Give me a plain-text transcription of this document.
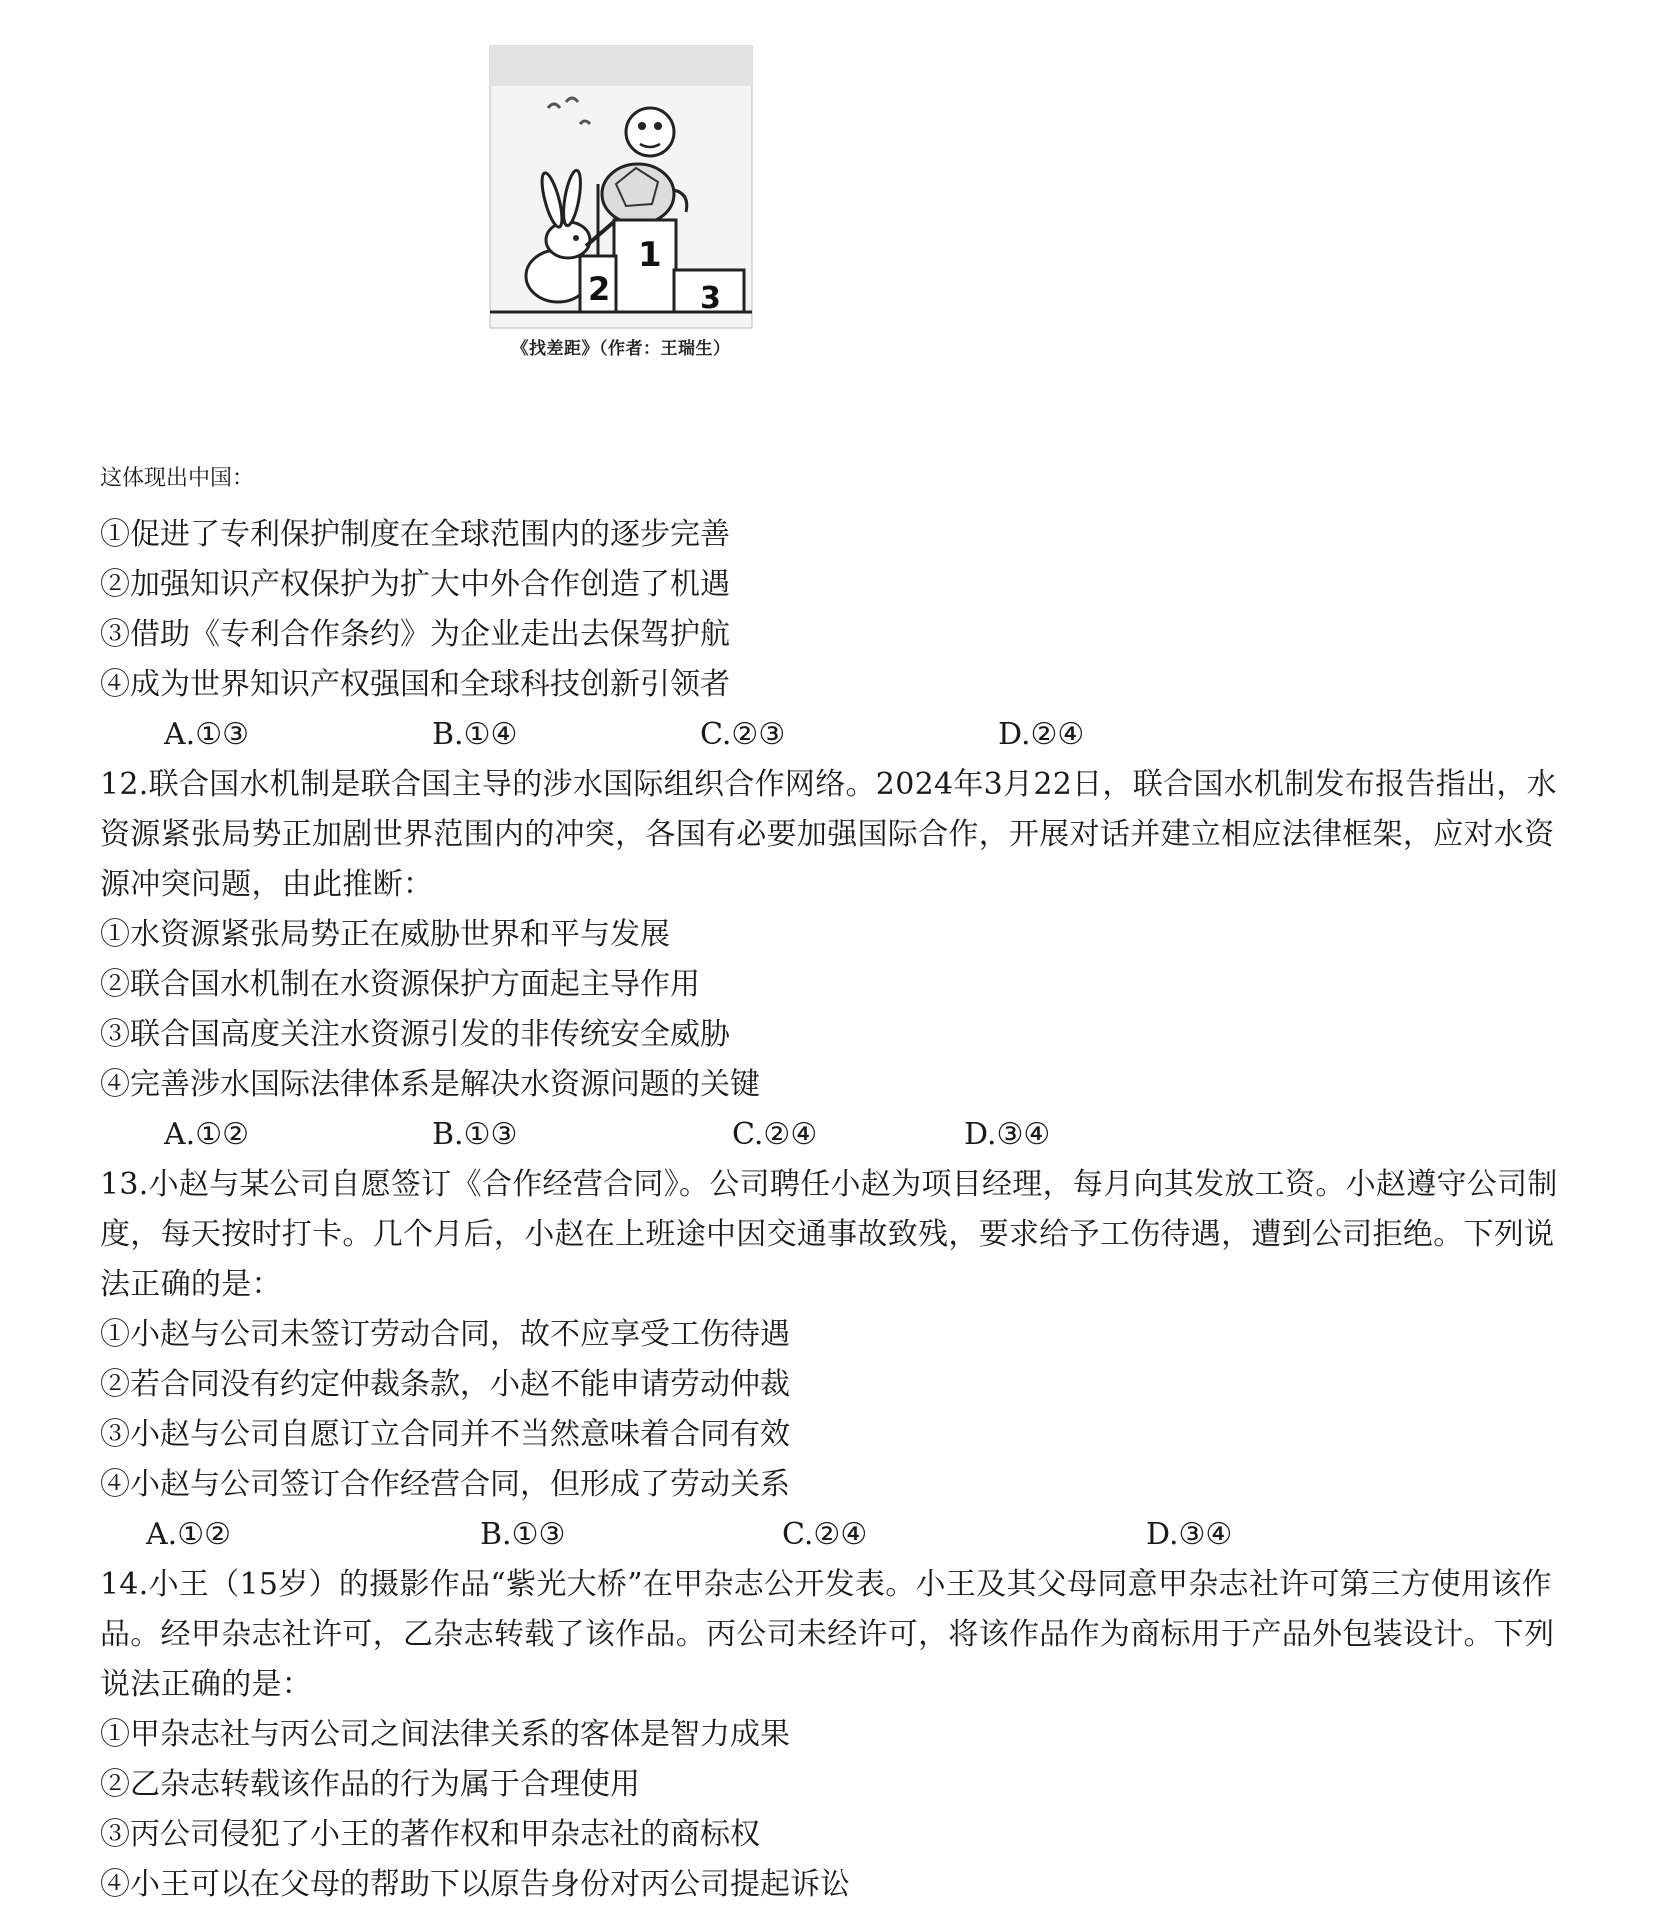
1
2	3
《找差距》（作者：王瑞生）
这体现出中国：
①促进了专利保护制度在全球范围内的逐步完善
②加强知识产权保护为扩大中外合作创造了机遇
③借助《专利合作条约》为企业走出去保驾护航
④成为世界知识产权强国和全球科技创新引领者
A.①③	B.①④	C.②③	D.②④
12.联合国水机制是联合国主导的涉水国际组织合作网络。2024年3月22日，联合国水机制发布报告指出，水资源紧张局势正加剧世界范围内的冲突，各国有必要加强国际合作，开展对话并建立相应法律框架，应对水资源冲突问题，由此推断：
①水资源紧张局势正在威胁世界和平与发展
②联合国水机制在水资源保护方面起主导作用
③联合国高度关注水资源引发的非传统安全威胁
④完善涉水国际法律体系是解决水资源问题的关键
A.①②	B.①③	C.②④	D.③④
13.小赵与某公司自愿签订《合作经营合同》。公司聘任小赵为项目经理，每月向其发放工资。小赵遵守公司制度，每天按时打卡。几个月后，小赵在上班途中因交通事故致残，要求给予工伤待遇，遭到公司拒绝。下列说法正确的是：
①小赵与公司未签订劳动合同，故不应享受工伤待遇
②若合同没有约定仲裁条款，小赵不能申请劳动仲裁
③小赵与公司自愿订立合同并不当然意味着合同有效
④小赵与公司签订合作经营合同，但形成了劳动关系
A.①②	B.①③	C.②④	D.③④
14.小王（15岁）的摄影作品“紫光大桥”在甲杂志公开发表。小王及其父母同意甲杂志社许可第三方使用该作品。经甲杂志社许可，乙杂志转载了该作品。丙公司未经许可，将该作品作为商标用于产品外包装设计。下列说法正确的是：
①甲杂志社与丙公司之间法律关系的客体是智力成果
②乙杂志转载该作品的行为属于合理使用
③丙公司侵犯了小王的著作权和甲杂志社的商标权
④小王可以在父母的帮助下以原告身份对丙公司提起诉讼
